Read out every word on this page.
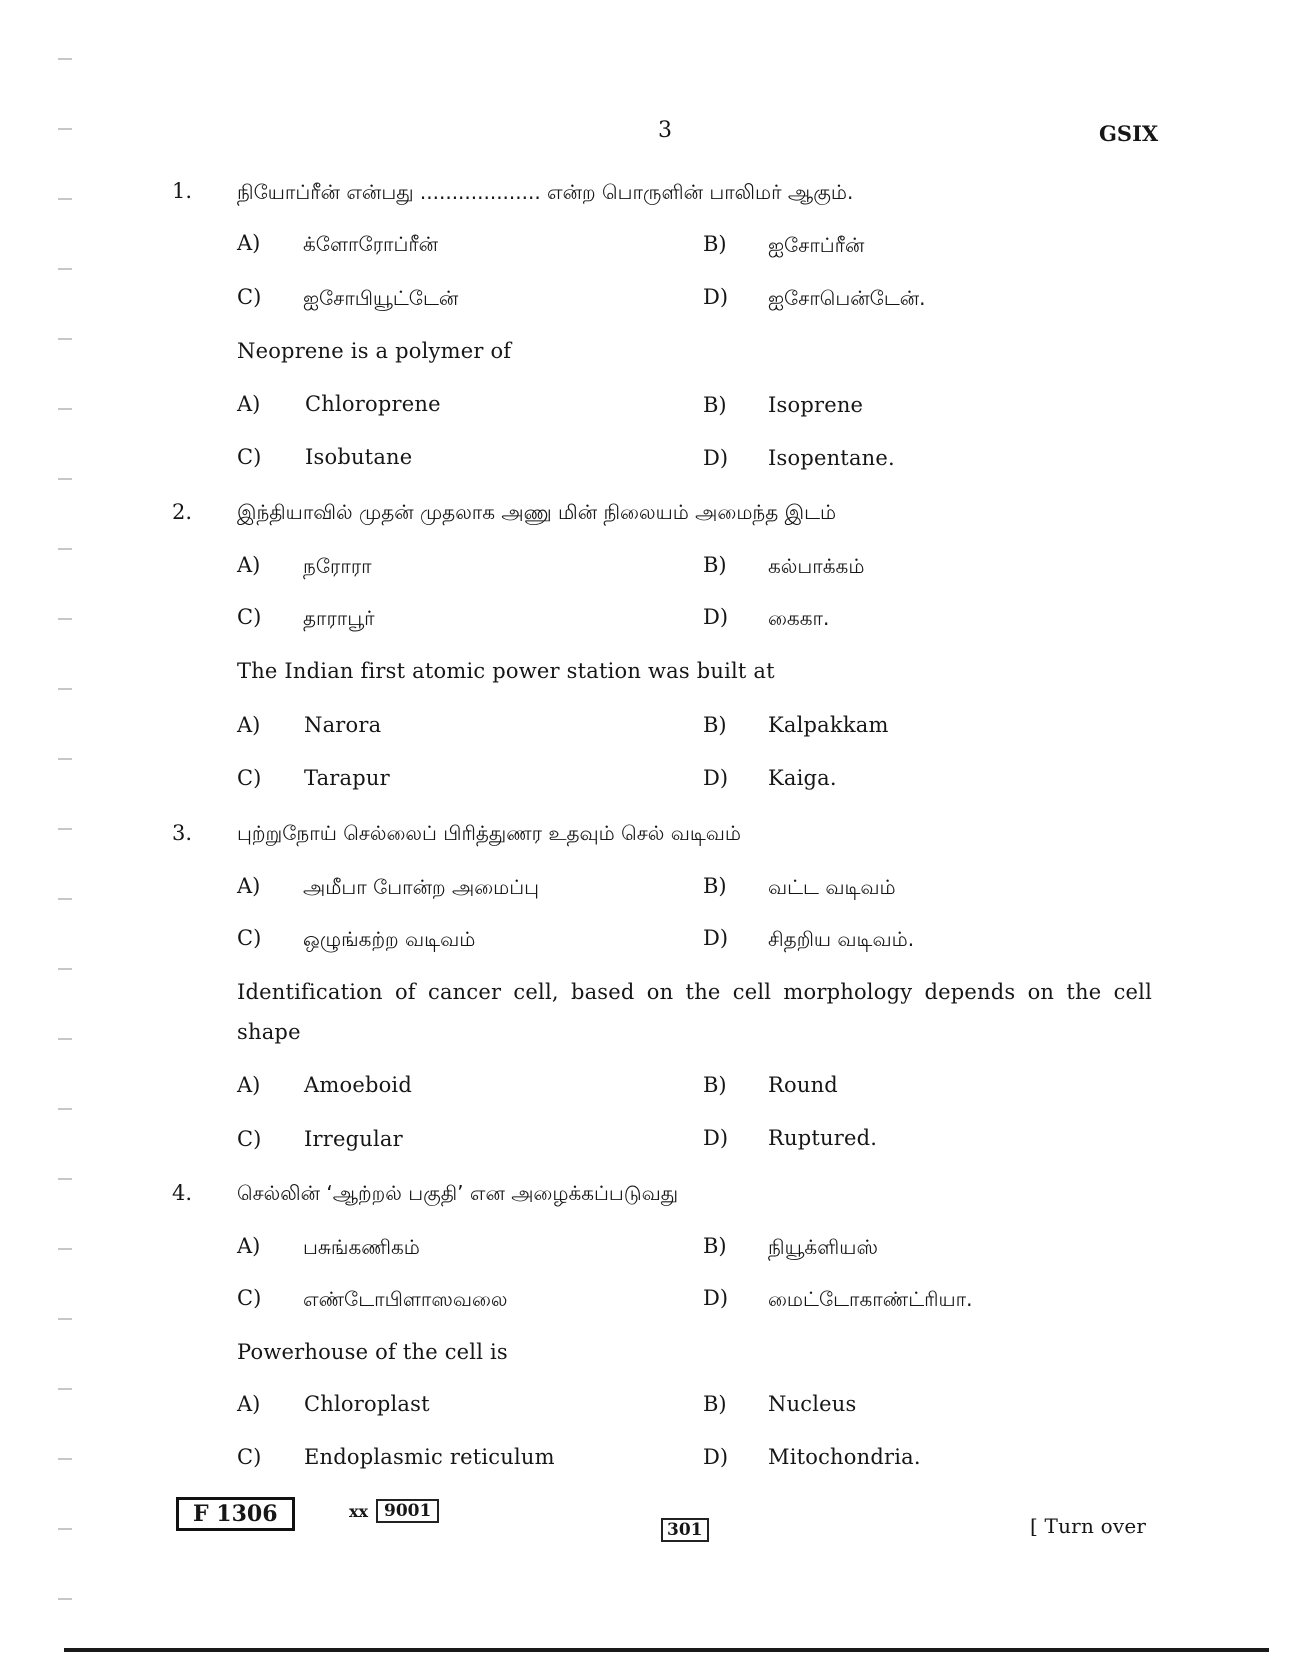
3	GSIX
1. நியோப்ரீன் என்பது ................... என்ற பொருளின் பாலிமர் ஆகும்.
A) க்ளோரோப்ரீன்	B) ஐசோப்ரீன்
C) ஐசோபியூட்டேன்	D) ஐசோபென்டேன்.
Neoprene is a polymer of
A) Chloroprene	B) Isoprene
C) Isobutane	D) Isopentane.
2. இந்தியாவில் முதன் முதலாக அணு மின் நிலையம் அமைந்த இடம்
A) நரோரா	B) கல்பாக்கம்
C) தாராபூர்	D) கைகா.
The Indian first atomic power station was built at
A) Narora	B) Kalpakkam
C) Tarapur	D) Kaiga.
3. புற்றுநோய் செல்லைப் பிரித்துணர உதவும் செல் வடிவம்
A) அமீபா போன்ற அமைப்பு	B) வட்ட வடிவம்
C) ஒழுங்கற்ற வடிவம்	D) சிதறிய வடிவம்.
Identification of cancer cell, based on the cell morphology depends on the cell
shape
A) Amoeboid	B) Round
C) Irregular	D) Ruptured.
4. செல்லின் ‘ஆற்றல் பகுதி’ என அழைக்கப்படுவது
A) பசுங்கணிகம்	B) நியூக்ளியஸ்
C) எண்டோபிளாஸவலை	D) மைட்டோகாண்ட்ரியா.
Powerhouse of the cell is
A) Chloroplast	B) Nucleus
C) Endoplasmic reticulum	D) Mitochondria.
F 1306	xx 9001
301	[ Turn over
